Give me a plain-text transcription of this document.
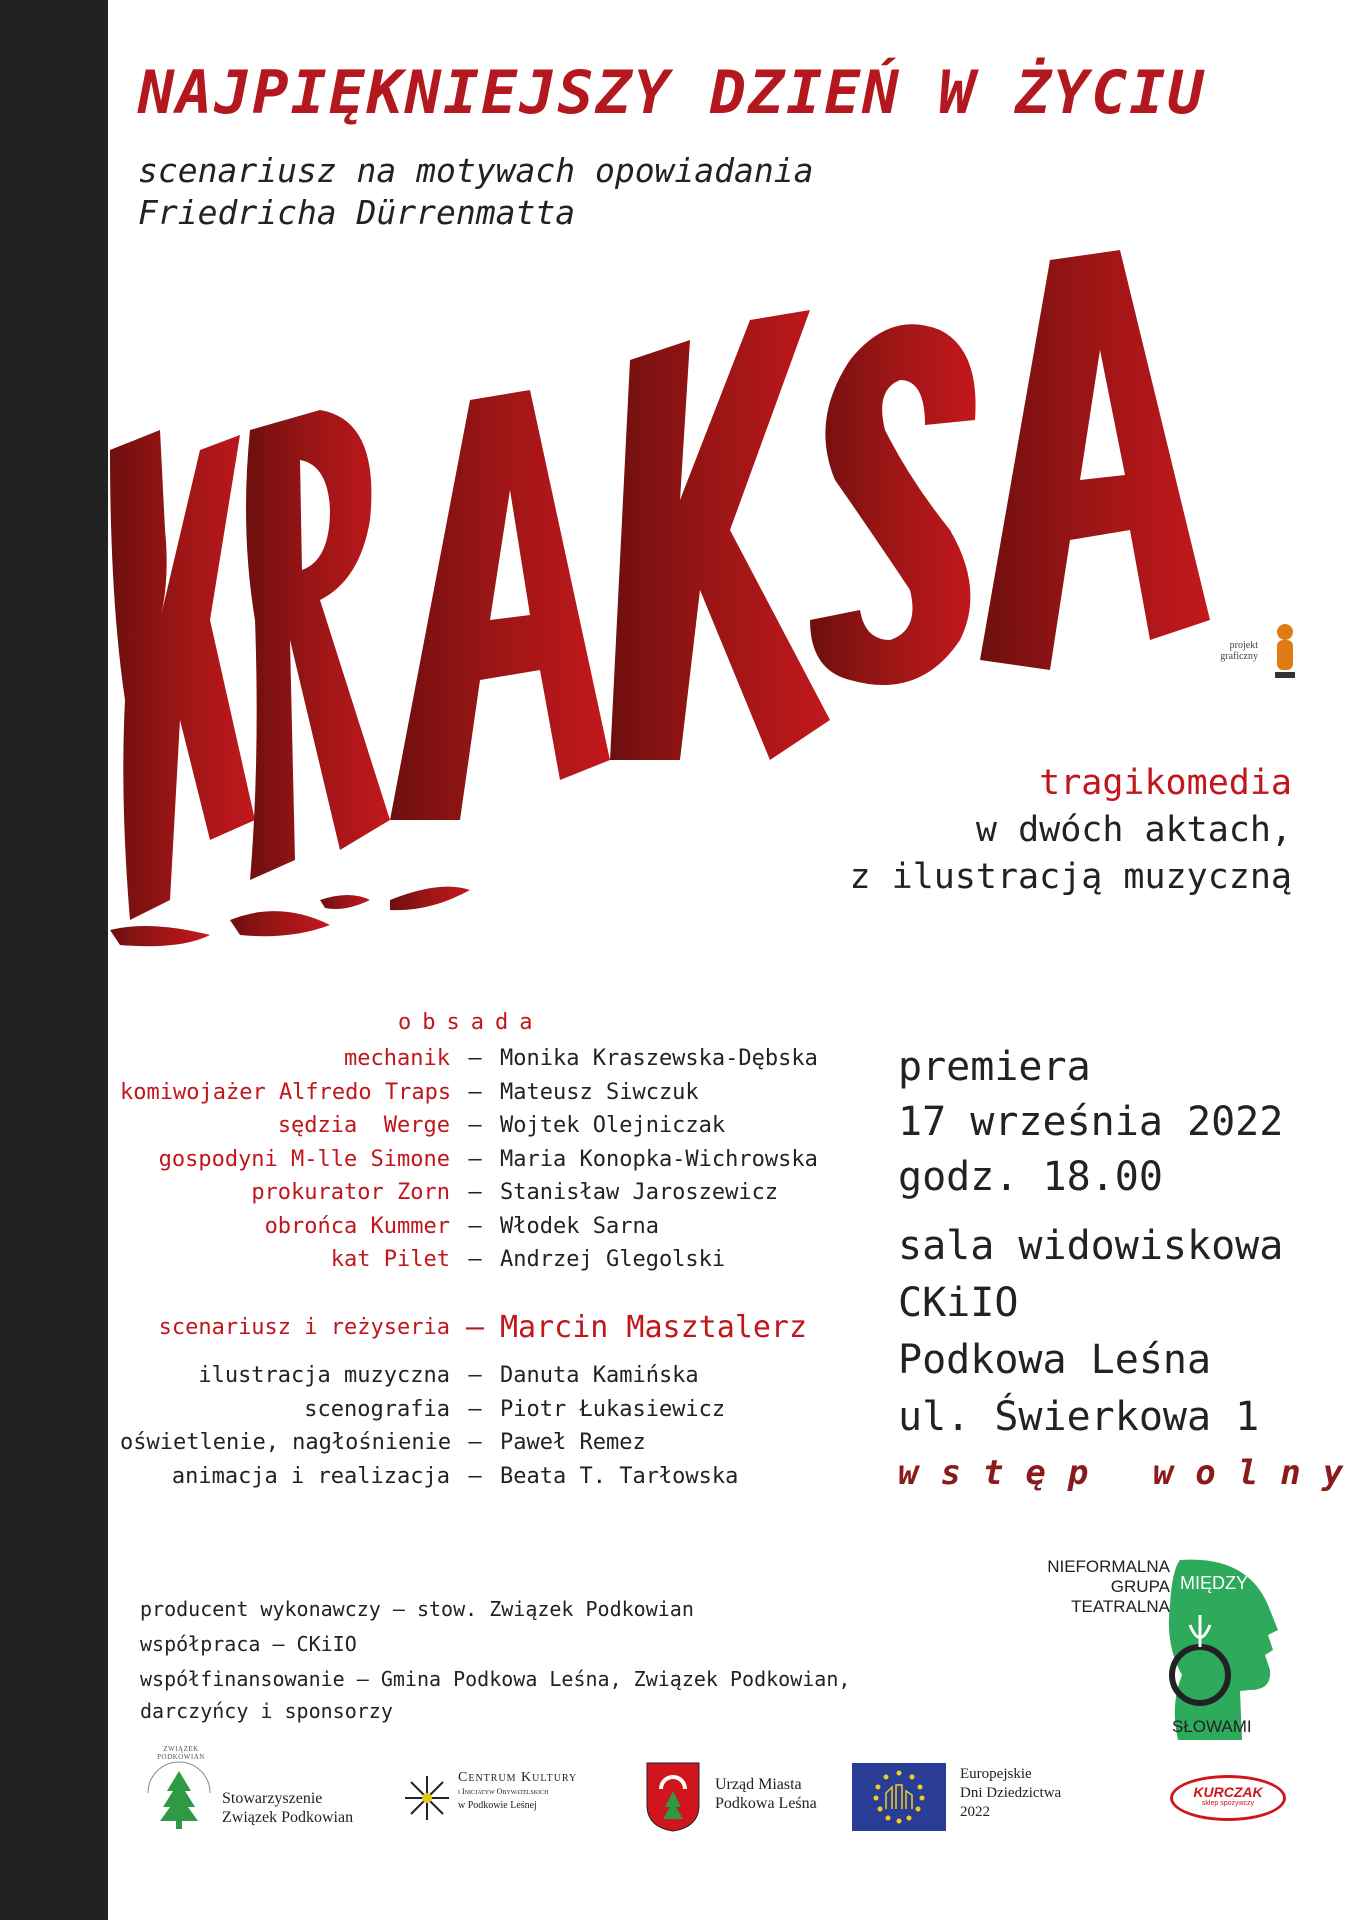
NAJPIĘKNIEJSZY DZIEŃ W ŻYCIU
scenariusz na motywach opowiadania
Friedricha Dürrenmatta
projekt
graficzny
tragikomedia
w dwóch aktach,
z ilustracją muzyczną
obsada
mechanik – Monika Kraszewska-Dębska
komiwojażer Alfredo Traps – Mateusz Siwczuk
sędzia  Werge – Wojtek Olejniczak
gospodyni M-lle Simone – Maria Konopka-Wichrowska
prokurator Zorn – Stanisław Jaroszewicz
obrońca Kummer – Włodek Sarna
kat Pilet – Andrzej Glegolski
scenariusz i reżyseria – Marcin Masztalerz
ilustracja muzyczna – Danuta Kamińska
scenografia – Piotr Łukasiewicz
oświetlenie, nagłośnienie – Paweł Remez
animacja i realizacja – Beata T. Tarłowska
premiera
17 września 2022
godz. 18.00
sala widowiskowa
CKiIO
Podkowa Leśna
ul. Świerkowa 1
wstęp wolny
producent wykonawczy – stow. Związek Podkowian
współpraca – CKiIO
współfinansowanie – Gmina Podkowa Leśna, Związek Podkowian,
darczyńcy i sponsorzy
NIEFORMALNA
GRUPA
TEATRALNA
MIĘDZY
SŁOWAMI
ZWIĄZEK PODKOWIAN
Stowarzyszenie
Związek Podkowian
Centrum Kultury
i Inicjatyw Obywatelskich
w Podkowie Leśnej
Urząd Miasta
Podkowa Leśna
Europejskie
Dni Dziedzictwa
2022
KURCZAK
sklep spożywczy
